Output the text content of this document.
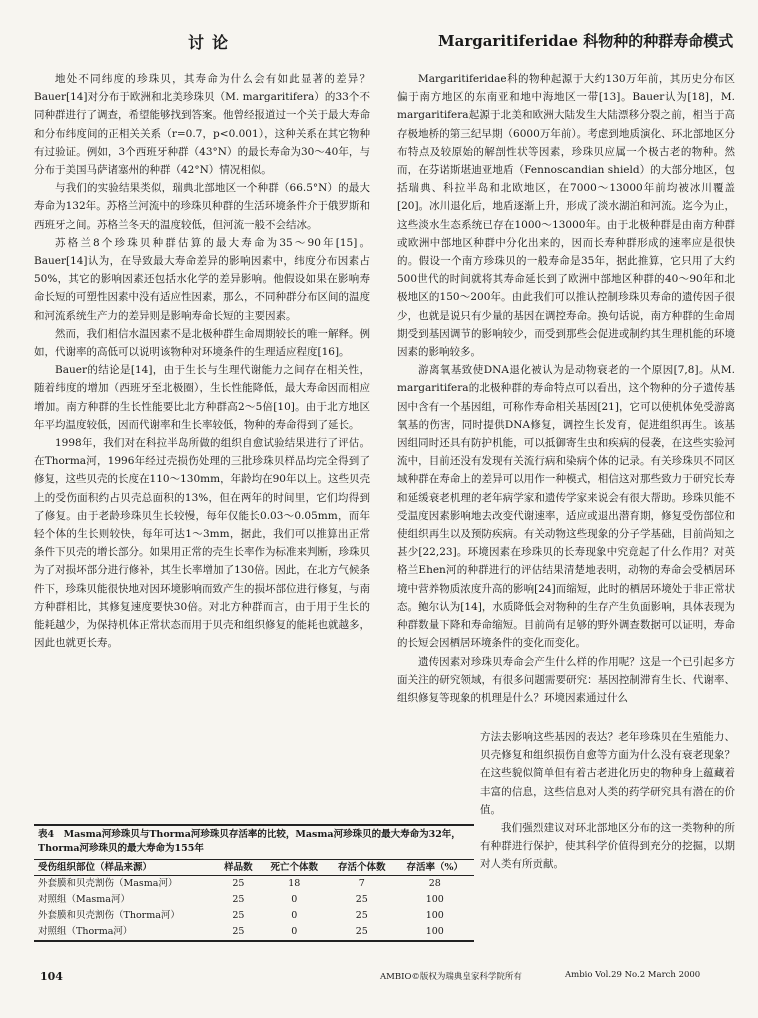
讨论	Margaritiferidae 科物种的种群寿命模式

地处不同纬度的珍珠贝，其寿命为什么会有如此显著的差异？Bauer[14]对分布于欧洲和北美珍珠贝（M. margaritifera）的33个不同种群进行了调查，希望能够找到答案。他曾经报道过一个关于最大寿命和分布纬度间的正相关关系（r=0.7，p<0.001），这种关系在其它物种有过验证。例如，3个西班牙种群（43°N）的最长寿命为30～40年，与分布于美国马萨诸塞州的种群（42°N）情况相似。

与我们的实验结果类似，瑞典北部地区一个种群（66.5°N）的最大寿命为132年。苏格兰河流中的珍珠贝种群的生活环境条件介于俄罗斯和西班牙之间。苏格兰冬天的温度较低，但河流一般不会结冰。

苏格兰8个珍珠贝种群估算的最大寿命为35～90年[15]。Bauer[14]认为，在导致最大寿命差异的影响因素中，纬度分布因素占50%，其它的影响因素还包括水化学的差异影响。他假设如果在影响寿命长短的可塑性因素中没有适应性因素，那么，不同种群分布区间的温度和河流系统生产力的差异则是影响寿命长短的主要因素。

然而，我们相信水温因素不是北极种群生命周期较长的唯一解释。例如，代谢率的高低可以说明该物种对环境条件的生理适应程度[16]。

Bauer的结论是[14]，由于生长与生理代谢能力之间存在相关性，随着纬度的增加（西班牙至北极圈），生长性能降低，最大寿命因而相应增加。南方种群的生长性能要比北方种群高2～5倍[10]。由于北方地区年平均温度较低，因而代谢率和生长率较低，物种的寿命得到了延长。

1998年，我们对在科拉半岛所做的组织自愈试验结果进行了评估。在Thorma河，1996年经过壳损伤处理的三批珍珠贝样品均完全得到了修复，这些贝壳的长度在110～130mm，年龄均在90年以上。这些贝壳上的受伤面积约占贝壳总面积的13%，但在两年的时间里，它们均得到了修复。由于老龄珍珠贝生长较慢，每年仅能长0.03～0.05mm，而年轻个体的生长则较快，每年可达1～3mm，据此，我们可以推算出正常条件下贝壳的增长部分。如果用正常的壳生长率作为标准来判断，珍珠贝为了对损坏部分进行修补，其生长率增加了130倍。因此，在北方气候条件下，珍珠贝能很快地对因环境影响而致产生的损坏部位进行修复，与南方种群相比，其修复速度要快30倍。对北方种群而言，由于用于生长的能耗越少，为保持机体正常状态而用于贝壳和组织修复的能耗也就越多，因此也就更长寿。

Margaritiferidae科的物种起源于大约130万年前，其历史分布区偏于南方地区的东南亚和地中海地区一带[13]。Bauer认为[18]，M. margaritifera起源于北美和欧洲大陆发生大陆漂移分裂之前，相当于高存极地桥的第三纪早期（6000万年前）。考虑到地质演化、环北部地区分布特点及较原始的解剖性状等因素，珍珠贝应属一个极古老的物种。然而，在芬诺斯堪迪亚地盾（Fennoscandian shield）的大部分地区，包括瑞典、科拉半岛和北欧地区，在7000～13000年前均被冰川覆盖[20]。冰川退化后，地盾逐渐上升，形成了淡水湖泊和河流。迄今为止，这些淡水生态系统已存在1000～13000年。由于北极种群是由南方种群或欧洲中部地区种群中分化出来的，因而长寿种群形成的速率应是很快的。假设一个南方珍珠贝的一般寿命是35年，据此推算，它只用了大约500世代的时间就将其寿命延长到了欧洲中部地区种群的40～90年和北极地区的150～200年。由此我们可以推认控制珍珠贝寿命的遗传因子很少，也就是说只有少量的基因在调控寿命。换句话说，南方种群的生命周期受到基因调节的影响较少，而受到那些会促进或制约其生理机能的环境因素的影响较多。

游离氧基致使DNA退化被认为是动物衰老的一个原因[7,8]。从M. margaritifera的北极种群的寿命特点可以看出，这个物种的分子遗传基因中含有一个基因组，可称作寿命相关基因[21]，它可以使机体免受游离氧基的伤害，同时提供DNA修复，调控生长发育，促进组织再生。该基因组同时还具有防护机能，可以抵御寄生虫和疾病的侵袭，在这些实验河流中，目前还没有发现有关流行病和染病个体的记录。有关珍珠贝不同区域种群在寿命上的差异可以用作一种模式，相信这对那些致力于研究长寿和延缓衰老机理的老年病学家和遗传学家来说会有很大帮助。珍珠贝能不受温度因素影响地去改变代谢速率，适应或退出潜育期，修复受伤部位和使组织再生以及预防疾病。有关动物这些现象的分子学基础，目前尚知之甚少[22,23]。环境因素在珍珠贝的长寿现象中究竟起了什么作用？对英格兰Ehen河的种群进行的评估结果清楚地表明，动物的寿命会受栖居环境中营养物质浓度升高的影响[24]而缩短，此时的栖居环境处于非正常状态。鲍尔认为[14]，水质降低会对物种的生存产生负面影响，具体表现为种群数量下降和寿命缩短。目前尚有足够的野外调查数据可以证明，寿命的长短会因栖居环境条件的变化而变化。

遗传因素对珍珠贝寿命会产生什么样的作用呢？这是一个已引起多方面关注的研究领域，有很多问题需要研究：基因控制滞育生长、代谢率、组织修复等现象的机理是什么？环境因素通过什么

方法去影响这些基因的表达？老年珍珠贝在生殖能力、贝壳修复和组织损伤自愈等方面为什么没有衰老现象？在这些貌似简单但有着古老进化历史的物种身上蕴藏着丰富的信息，这些信息对人类的药学研究具有潜在的价值。

我们强烈建议对环北部地区分布的这一类物种的所有种群进行保护，使其科学价值得到充分的挖掘，以期对人类有所贡献。

表4　Masma河珍珠贝与Thorma河珍珠贝存活率的比较，Masma河珍珠贝的最大寿命为32年，Thorma河珍珠贝的最大寿命为155年
受伤组织部位（样品来源）	样品数	死亡个体数	存活个体数	存活率（%）
外套膜和贝壳割伤（Masma河）	25	18	7	28
对照组（Masma河）	25	0	25	100
外套膜和贝壳割伤（Thorma河）	25	0	25	100
对照组（Thorma河）	25	0	25	100
104	AMBIO©版权为瑞典皇家科学院所有	Ambio Vol.29 No.2 March 2000
